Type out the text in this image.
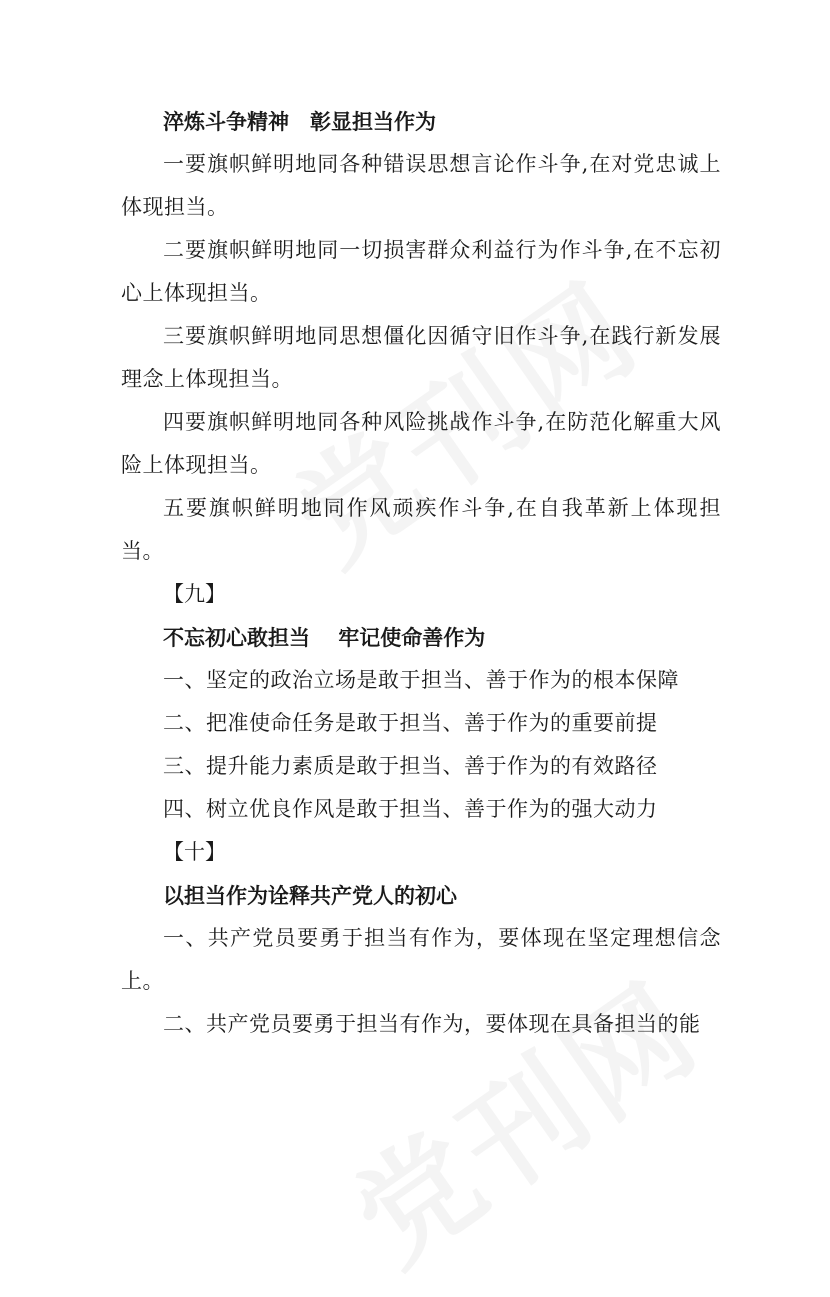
淬炼斗争精神　彰显担当作为
一要旗帜鲜明地同各种错误思想言论作斗争,在对党忠诚上体现担当。
二要旗帜鲜明地同一切损害群众利益行为作斗争,在不忘初心上体现担当。
三要旗帜鲜明地同思想僵化因循守旧作斗争,在践行新发展理念上体现担当。
四要旗帜鲜明地同各种风险挑战作斗争,在防范化解重大风险上体现担当。
五要旗帜鲜明地同作风顽疾作斗争,在自我革新上体现担当。
【九】
不忘初心敢担当　 牢记使命善作为
一、坚定的政治立场是敢于担当、善于作为的根本保障
二、把准使命任务是敢于担当、善于作为的重要前提
三、提升能力素质是敢于担当、善于作为的有效路径
四、树立优良作风是敢于担当、善于作为的强大动力
【十】
以担当作为诠释共产党人的初心
一、共产党员要勇于担当有作为，要体现在坚定理想信念上。
二、共产党员要勇于担当有作为，要体现在具备担当的能
